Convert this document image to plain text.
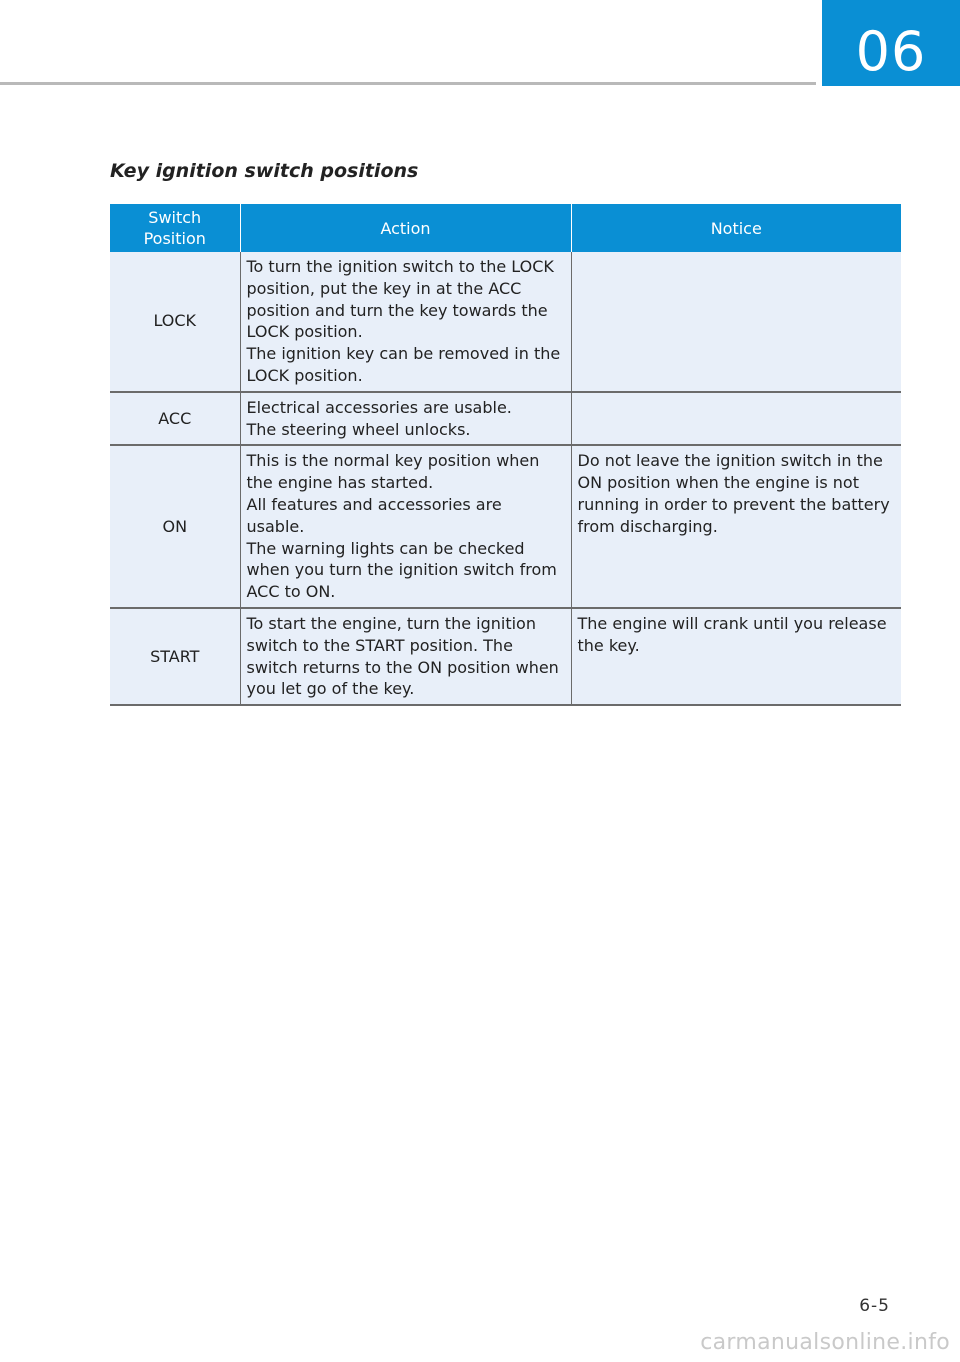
06
Key ignition switch positions
Switch
Position	Action	Notice
LOCK	To turn the ignition switch to the LOCK position, put the key in at the ACC position and turn the key towards the LOCK position.
The ignition key can be removed in the LOCK position.	
ACC	Electrical accessories are usable.
The steering wheel unlocks.	
ON	This is the normal key position when the engine has started.
All features and accessories are usable.
The warning lights can be checked when you turn the ignition switch from ACC to ON.	Do not leave the ignition switch in the ON position when the engine is not running in order to prevent the battery from discharging.
START	To start the engine, turn the ignition switch to the START position. The switch returns to the ON position when you let go of the key.	The engine will crank until you release the key.
6-5
carmanualsonline.info
